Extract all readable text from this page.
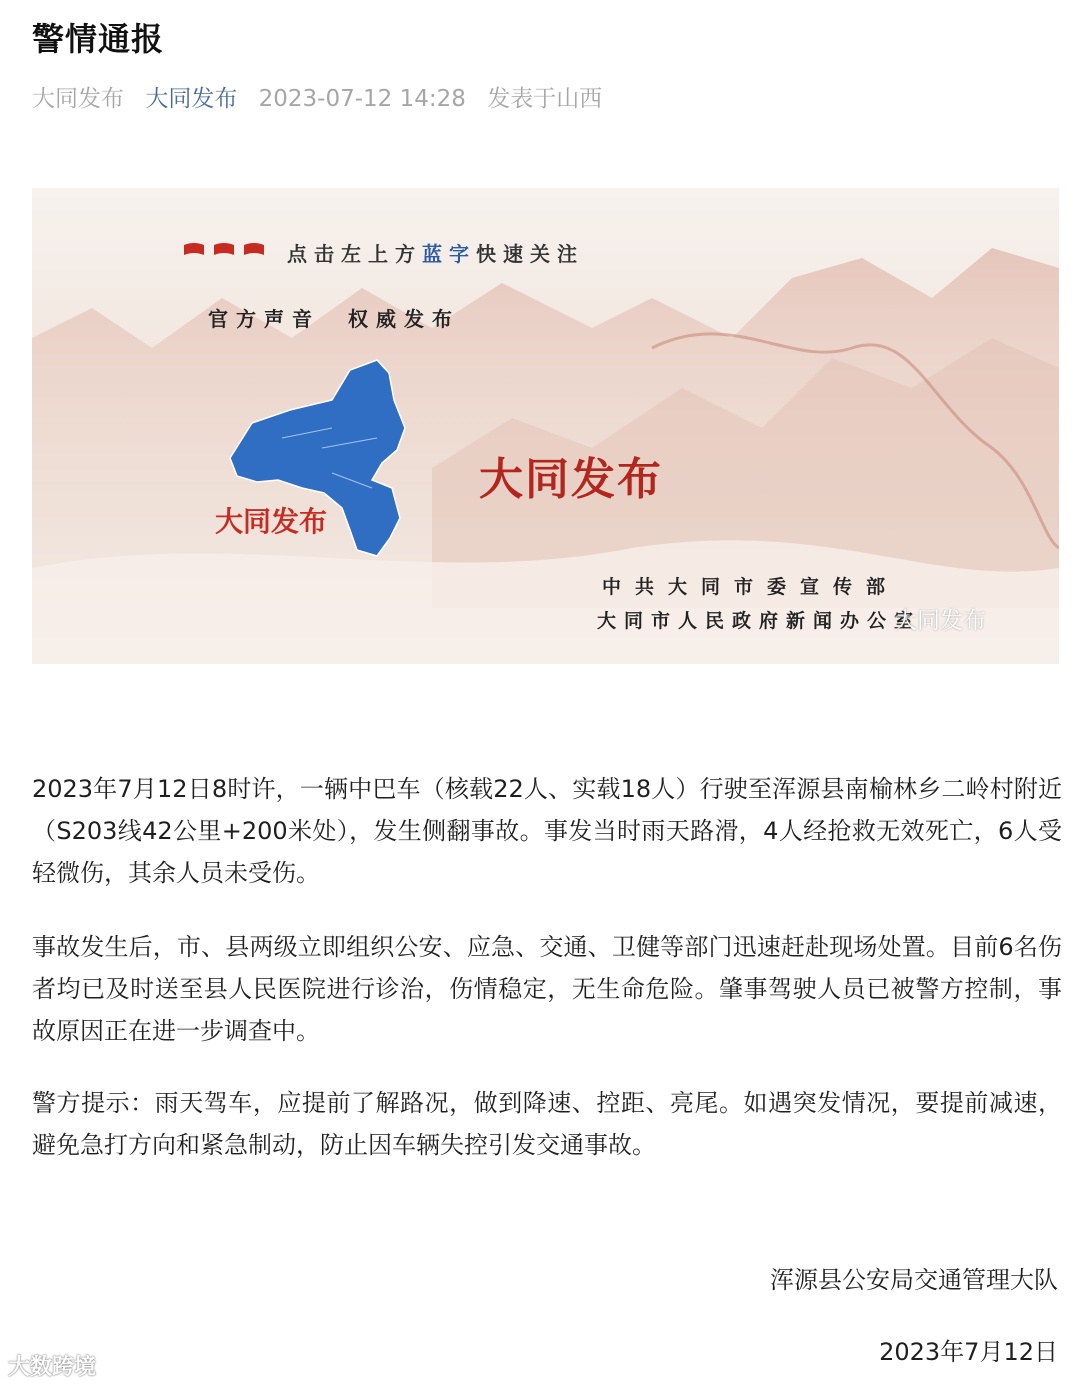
警情通报
大同发布 大同发布 2023-07-12 14:28 发表于山西
点击左上方蓝字快速关注
官方声音　权威发布
大同发布
大同发布
中共大同市委宣传部
大同市人民政府新闻办公室
大同发布
2023年7月12日8时许，一辆中巴车（核载22人、实载18人）行驶至浑源县南榆林乡二岭村附近（S203线42公里+200米处），发生侧翻事故。事发当时雨天路滑，4人经抢救无效死亡，6人受轻微伤，其余人员未受伤。
事故发生后，市、县两级立即组织公安、应急、交通、卫健等部门迅速赶赴现场处置。目前6名伤者均已及时送至县人民医院进行诊治，伤情稳定，无生命危险。肇事驾驶人员已被警方控制，事故原因正在进一步调查中。
警方提示：雨天驾车，应提前了解路况，做到降速、控距、亮尾。如遇突发情况，要提前减速，避免急打方向和紧急制动，防止因车辆失控引发交通事故。
浑源县公安局交通管理大队
2023年7月12日
大数跨境
